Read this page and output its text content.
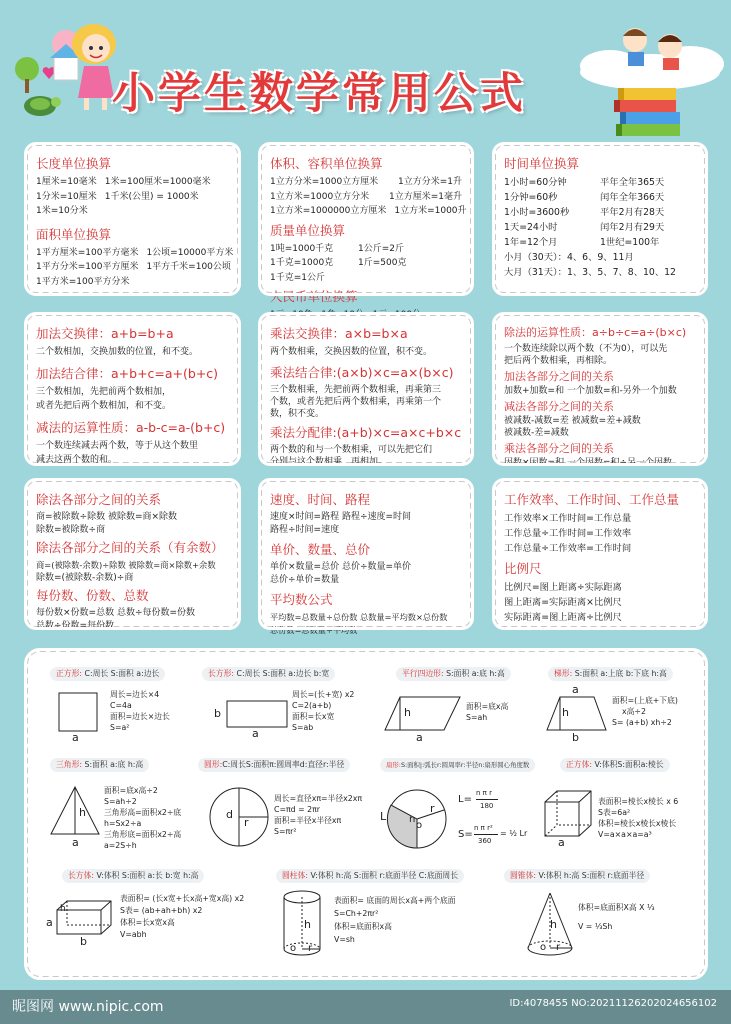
小学生数学常用公式
长度单位换算
1厘米=10毫米 1米=100厘米=1000毫米
1分米=10厘米 1千米(公里) = 1000米
1米=10分米
面积单位换算
1平方厘米=100平方毫米 1公顷=10000平方米
1平方分米=100平方厘米 1平方千米=100公顷
1平方米=100平方分米
体积、容积单位换算
1立方分米=1000立方厘米	1立方分米=1升
1立方米=1000立方分米	1立方厘米=1毫升
1立方米=1000000立方厘米 1立方米=1000升
质量单位换算
1吨=1000千克	1公斤=2斤
1千克=1000克	1斤=500克
1千克=1公斤
人民币单位换算
时间单位换算
1小时=60分钟	平年全年365天
1分钟=60秒	闰年全年366天
1小时=3600秒	平年2月有28天
1天=24小时	闰年2月有29天
1年=12个月	1世纪=100年
小月（30天）：4、6、9、11月
大月（31天）：1、3、5、7、8、10、12
加法交换律：a+b=b+a
二个数相加，交换加数的位置，和不变。
加法结合律：a+b+c=a+(b+c)
三个数相加，先把前两个数相加，
或者先把后两个数相加，和不变。
减法的运算性质：a-b-c=a-(b+c)
一个数连续减去两个数，等于从这个数里
减去这两个数的和。
乘法交换律：a×b=b×a
两个数相乘，交换因数的位置，积不变。
乘法结合律:(a×b)×c=a×(b×c)
三个数相乘，先把前两个数相乘，再乘第三
个数，或者先把后两个数相乘，再乘第一个
数，积不变。
乘法分配律:(a+b)×c=a×c+b×c
两个数的和与一个数相乘，可以先把它们
分别与这个数相乘，再相加。
除法的运算性质：a÷b÷c=a÷(b×c)
一个数连续除以两个数（不为0），可以先
把后两个数相乘，再相除。
加法各部分之间的关系
加数+加数=和 一个加数=和-另外一个加数
减法各部分之间的关系
被减数-减数=差 被减数=差+减数
被减数-差=减数
乘法各部分之间的关系
因数×因数=积 一个因数=积÷另一个因数
除法各部分之间的关系
商=被除数÷除数 被除数=商×除数
除数=被除数÷商
除法各部分之间的关系（有余数）
商=(被除数-余数)÷除数 被除数=商×除数+余数
除数=(被除数-余数)÷商
每份数、份数、总数
每份数×份数=总数 总数÷每份数=份数
总数÷份数=每份数
速度、时间、路程
速度×时间=路程 路程÷速度=时间
路程÷时间=速度
单价、数量、总价
单价×数量=总价 总价÷数量=单价
总价÷单价=数量
平均数公式
平均数=总数量÷总份数 总数量=平均数×总份数
总份数=总数量÷平均数
工作效率、工作时间、工作总量
工作效率×工作时间=工作总量
工作总量÷工作时间=工作效率
工作总量÷工作效率=工作时间
比例尺
比例尺=图上距离÷实际距离
图上距离=实际距离×比例尺
实际距离=图上距离÷比例尺
正方形: C:周长 S:面积 a:边长
a
周长=边长×4
C=4a
面积=边长×边长
S=a²
长方形: C:周长 S:面积 a:边长 b:宽
a
b
周长=(长+宽) x2
C=2(a+b)
面积=长x宽
S=ab
平行四边形: S:面积 a:底 h:高
h
a
面积=底x高
S=ah
梯形: S:面积 a:上底 b:下底 h:高
a
h
b
面积=(上底+下底)
x高÷2
S= (a+b) xh÷2
三角形: S:面积 a:底 h:高
h
a
面积=底x高÷2
S=ah÷2
三角形高=面积x2÷底
h=Sx2÷a
三角形底=面积x2÷高
a=2S÷h
圆形:C:周长S:面积π:圆周率d:直径r:半径
d
r
周长=直径xπ=半径x2xπ
C=πd = 2πr
面积=半径x半径xπ
S=πr²
扇形:S:面积|:弧长r:圆周率r:半径n:扇形圆心角度数
L
r
n
o
L=
n π r
180
S=
n π r²
360
= ½ Lr
正方体: V:体积S:面积a:棱长
a
表面积=棱长x棱长 x 6
S表=6a²
体积=棱长x棱长x棱长
V=a×a×a=a³
长方体: V:体积 S:面积 a:长 b:宽 h:高
a
b
h
表面积= (长x宽+长x高+宽x高) x2
S表= (ab+ah+bh) x2
体积=长x宽x高
V=abh
圆柱体: V:体积 h:高 S:面积 r:底面半径 C:底面周长
h
o r
表面积= 底面的周长x高+两个底面
S=Ch+2πr²
体积=底面积x高
V=sh
圆锥体: V:体积 h:高 S:面积 r:底面半径
h
o r
体积=底面积X高 X ⅓
V = ⅓Sh
昵图网 www.nipic.com	ID:4078455 NO:20211126202024656102
